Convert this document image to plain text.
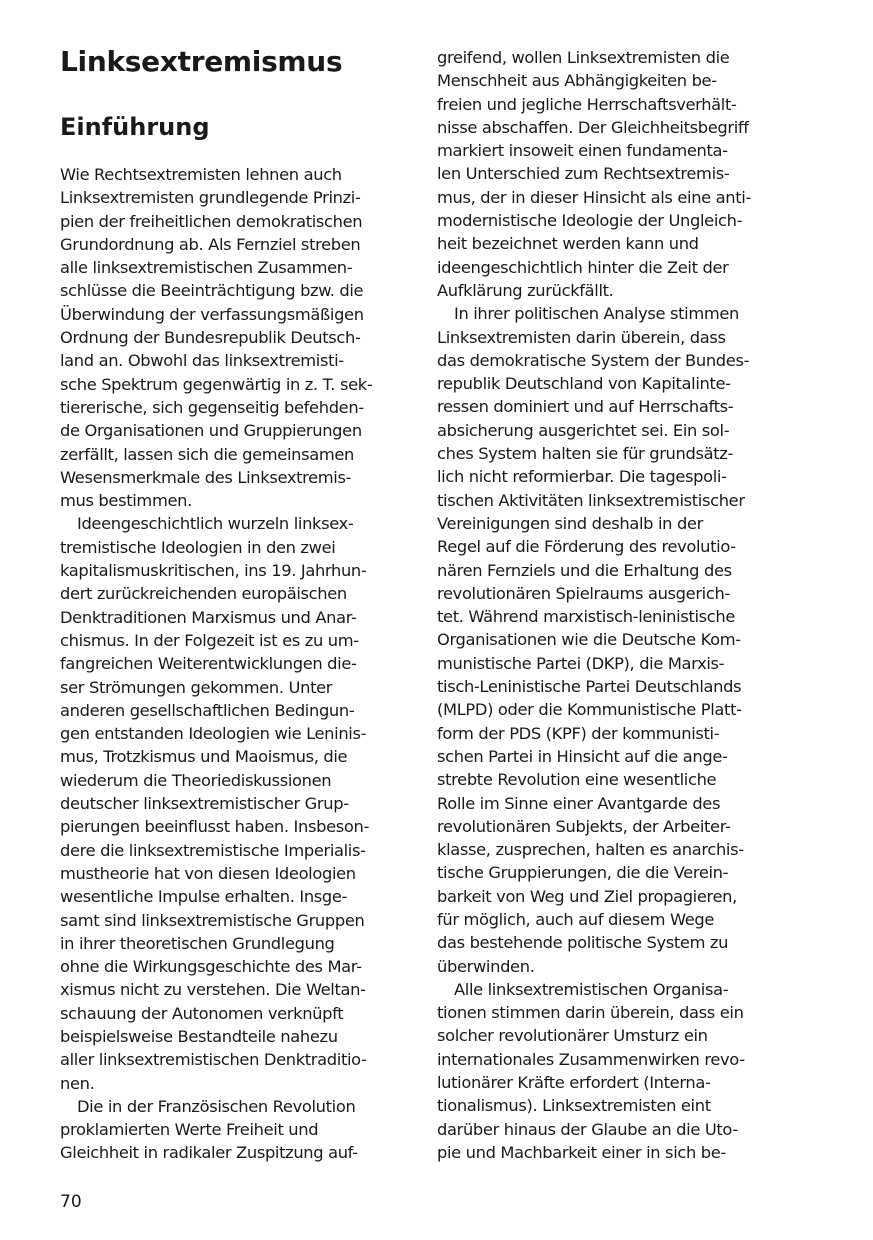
Linksextremismus
Einführung
Wie Rechtsextremisten lehnen auch
Linksextremisten grundlegende Prinzi-
pien der freiheitlichen demokratischen
Grundordnung ab. Als Fernziel streben
alle linksextremistischen Zusammen-
schlüsse die Beeinträchtigung bzw. die
Überwindung der verfassungsmäßigen
Ordnung der Bundesrepublik Deutsch-
land an. Obwohl das linksextremisti-
sche Spektrum gegenwärtig in z. T. sek-
tiererische, sich gegenseitig befehden-
de Organisationen und Gruppierungen
zerfällt, lassen sich die gemeinsamen
Wesensmerkmale des Linksextremis-
mus bestimmen.
Ideengeschichtlich wurzeln linksex-
tremistische Ideologien in den zwei
kapitalismuskritischen, ins 19. Jahrhun-
dert zurückreichenden europäischen
Denktraditionen Marxismus und Anar-
chismus. In der Folgezeit ist es zu um-
fangreichen Weiterentwicklungen die-
ser Strömungen gekommen. Unter
anderen gesellschaftlichen Bedingun-
gen entstanden Ideologien wie Leninis-
mus, Trotzkismus und Maoismus, die
wiederum die Theoriediskussionen
deutscher linksextremistischer Grup-
pierungen beeinflusst haben. Insbeson-
dere die linksextremistische Imperialis-
mustheorie hat von diesen Ideologien
wesentliche Impulse erhalten. Insge-
samt sind linksextremistische Gruppen
in ihrer theoretischen Grundlegung
ohne die Wirkungsgeschichte des Mar-
xismus nicht zu verstehen. Die Weltan-
schauung der Autonomen verknüpft
beispielsweise Bestandteile nahezu
aller linksextremistischen Denktraditio-
nen.
Die in der Französischen Revolution
proklamierten Werte Freiheit und
Gleichheit in radikaler Zuspitzung auf-
greifend, wollen Linksextremisten die
Menschheit aus Abhängigkeiten be-
freien und jegliche Herrschaftsverhält-
nisse abschaffen. Der Gleichheitsbegriff
markiert insoweit einen fundamenta-
len Unterschied zum Rechtsextremis-
mus, der in dieser Hinsicht als eine anti-
modernistische Ideologie der Ungleich-
heit bezeichnet werden kann und
ideengeschichtlich hinter die Zeit der
Aufklärung zurückfällt.
In ihrer politischen Analyse stimmen
Linksextremisten darin überein, dass
das demokratische System der Bundes-
republik Deutschland von Kapitalinte-
ressen dominiert und auf Herrschafts-
absicherung ausgerichtet sei. Ein sol-
ches System halten sie für grundsätz-
lich nicht reformierbar. Die tagespoli-
tischen Aktivitäten linksextremistischer
Vereinigungen sind deshalb in der
Regel auf die Förderung des revolutio-
nären Fernziels und die Erhaltung des
revolutionären Spielraums ausgerich-
tet. Während marxistisch-leninistische
Organisationen wie die Deutsche Kom-
munistische Partei (DKP), die Marxis-
tisch-Leninistische Partei Deutschlands
(MLPD) oder die Kommunistische Platt-
form der PDS (KPF) der kommunisti-
schen Partei in Hinsicht auf die ange-
strebte Revolution eine wesentliche
Rolle im Sinne einer Avantgarde des
revolutionären Subjekts, der Arbeiter-
klasse, zusprechen, halten es anarchis-
tische Gruppierungen, die die Verein-
barkeit von Weg und Ziel propagieren,
für möglich, auch auf diesem Wege
das bestehende politische System zu
überwinden.
Alle linksextremistischen Organisa-
tionen stimmen darin überein, dass ein
solcher revolutionärer Umsturz ein
internationales Zusammenwirken revo-
lutionärer Kräfte erfordert (Interna-
tionalismus). Linksextremisten eint
darüber hinaus der Glaube an die Uto-
pie und Machbarkeit einer in sich be-
70
